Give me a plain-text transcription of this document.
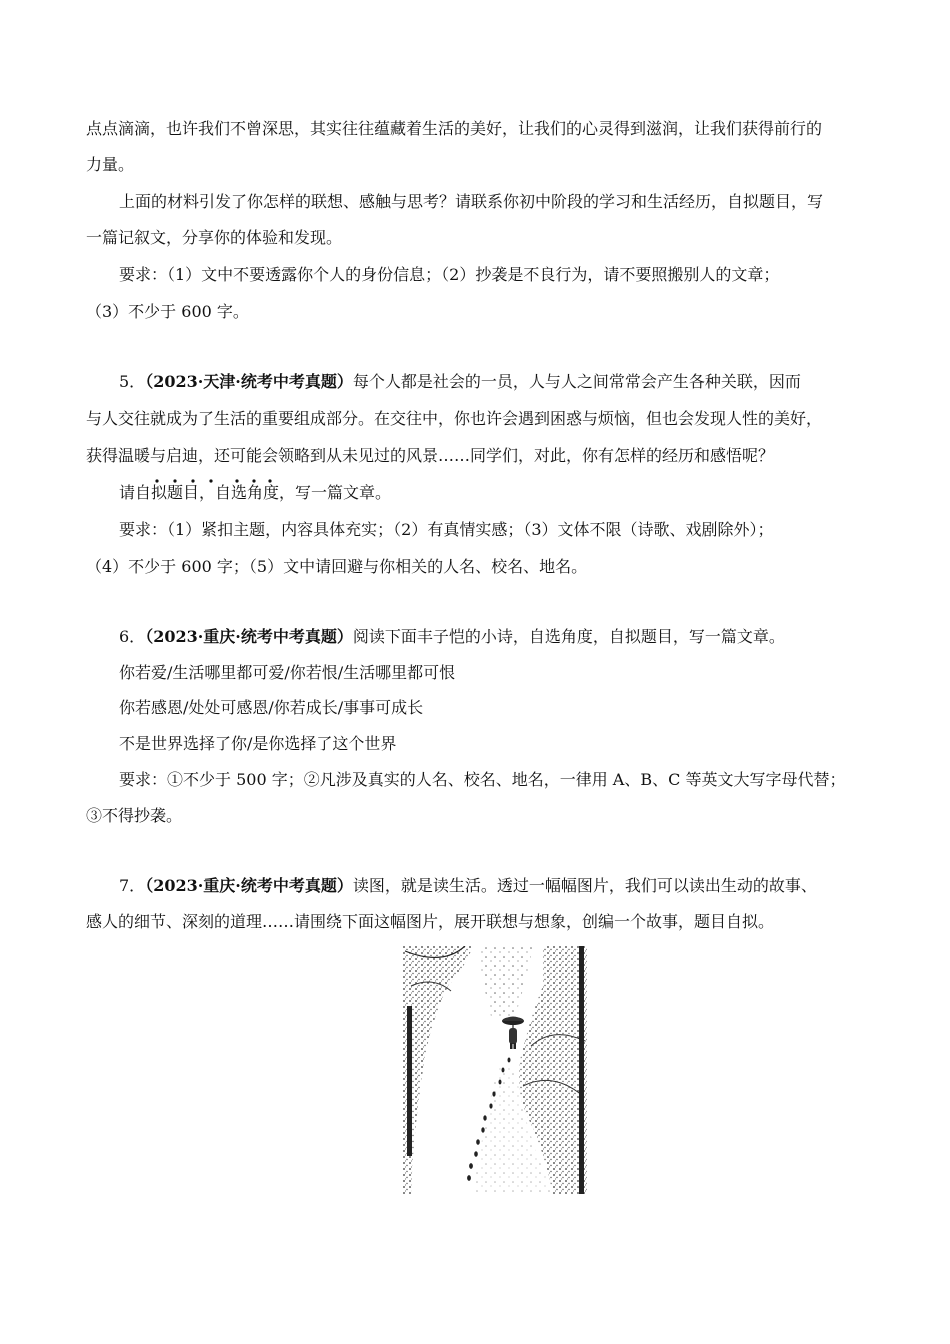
点点滴滴，也许我们不曾深思，其实往往蕴藏着生活的美好，让我们的心灵得到滋润，让我们获得前行的
力量。
上面的材料引发了你怎样的联想、感触与思考？请联系你初中阶段的学习和生活经历，自拟题目，写
一篇记叙文，分享你的体验和发现。
要求：（1）文中不要透露你个人的身份信息；（2）抄袭是不良行为，请不要照搬别人的文章；
（3）不少于 600 字。
5．（2023·天津·统考中考真题）每个人都是社会的一员，人与人之间常常会产生各种关联，因而
与人交往就成为了生活的重要组成部分。在交往中，你也许会遇到困惑与烦恼，但也会发现人性的美好，
获得温暖与启迪，还可能会领略到从未见过的风景……同学们，对此，你有怎样的经历和感悟呢？
请自拟题目，自选角度，写一篇文章。
要求：（1）紧扣主题，内容具体充实；（2）有真情实感；（3）文体不限（诗歌、戏剧除外）；
（4）不少于 600 字；（5）文中请回避与你相关的人名、校名、地名。
6．（2023·重庆·统考中考真题）阅读下面丰子恺的小诗，自选角度，自拟题目，写一篇文章。
你若爱/生活哪里都可爱/你若恨/生活哪里都可恨
你若感恩/处处可感恩/你若成长/事事可成长
不是世界选择了你/是你选择了这个世界
要求：①不少于 500 字；②凡涉及真实的人名、校名、地名，一律用 A、B、C 等英文大写字母代替；
③不得抄袭。
7．（2023·重庆·统考中考真题）读图，就是读生活。透过一幅幅图片，我们可以读出生动的故事、
感人的细节、深刻的道理……请围绕下面这幅图片，展开联想与想象，创编一个故事，题目自拟。
